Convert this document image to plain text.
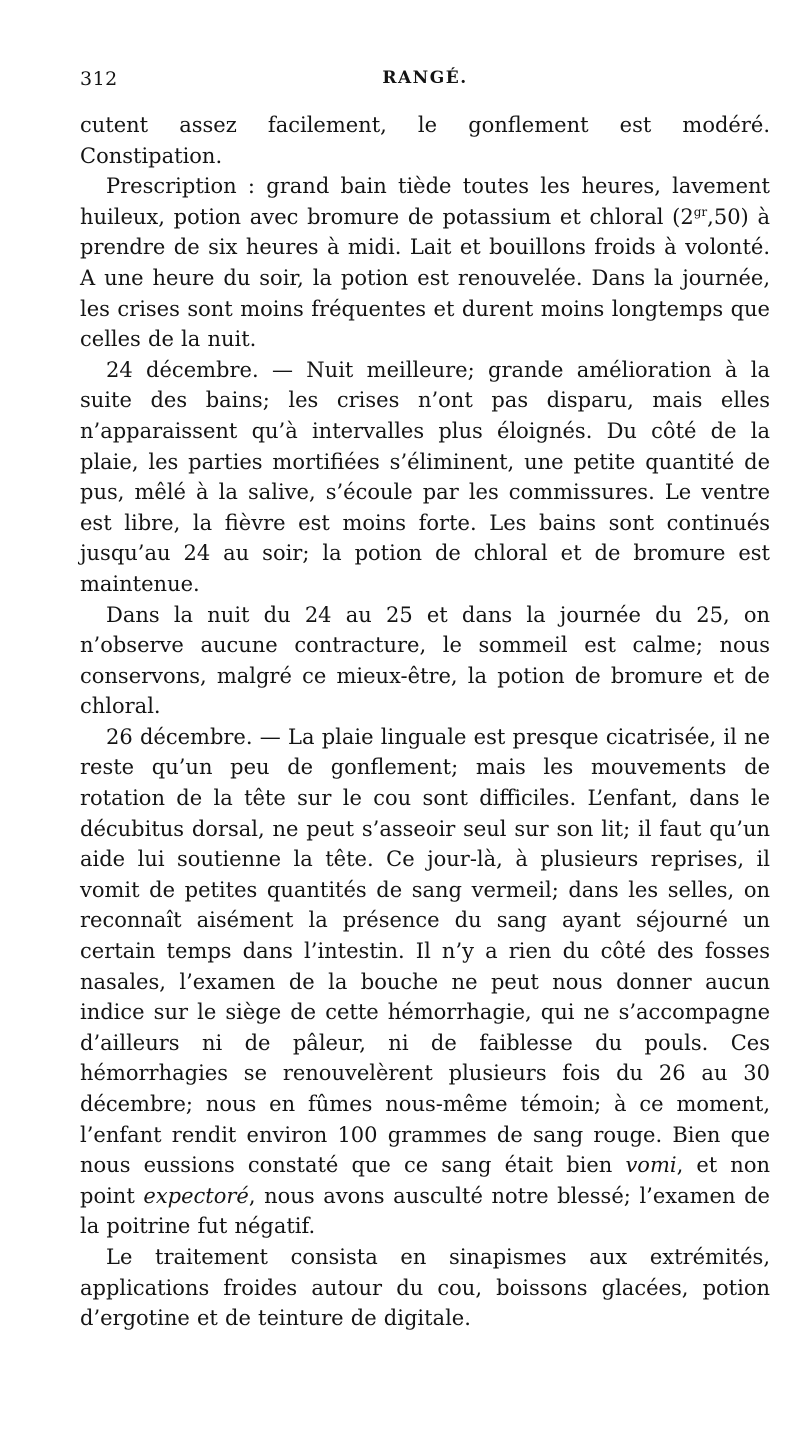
312	RANGÉ.

cutent assez facilement, le gonflement est modéré. Constipation.

Prescription : grand bain tiède toutes les heures, lavement huileux, potion avec bromure de potassium et chloral $(2^{gr},50)$ à prendre de six heures à midi. Lait et bouillons froids à volonté. A une heure du soir, la potion est renouvelée. Dans la journée, les crises sont moins fréquentes et durent moins longtemps que celles de la nuit.

24 décembre. — Nuit meilleure; grande amélioration à la suite des bains; les crises n’ont pas disparu, mais elles n’apparaissent qu’à intervalles plus éloignés. Du côté de la plaie, les parties mortifiées s’éliminent, une petite quantité de pus, mêlé à la salive, s’écoule par les commissures. Le ventre est libre, la fièvre est moins forte. Les bains sont continués jusqu’au 24 au soir; la potion de chloral et de bromure est maintenue.

Dans la nuit du 24 au 25 et dans la journée du 25, on n’observe aucune contracture, le sommeil est calme; nous conservons, malgré ce mieux-être, la potion de bromure et de chloral.

26 décembre. — La plaie linguale est presque cicatrisée, il ne reste qu’un peu de gonflement; mais les mouvements de rotation de la tête sur le cou sont difficiles. L’enfant, dans le décubitus dorsal, ne peut s’asseoir seul sur son lit; il faut qu’un aide lui soutienne la tête. Ce jour-là, à plusieurs reprises, il vomit de petites quantités de sang vermeil; dans les selles, on reconnaît aisément la présence du sang ayant séjourné un certain temps dans l’intestin. Il n’y a rien du côté des fosses nasales, l’examen de la bouche ne peut nous donner aucun indice sur le siège de cette hémorrhagie, qui ne s’accompagne d’ailleurs ni de pâleur, ni de faiblesse du pouls. Ces hémorrhagies se renouvelèrent plusieurs fois du 26 au 30 décembre; nous en fûmes nous-même témoin; à ce moment, l’enfant rendit environ 100 grammes de sang rouge. Bien que nous eussions constaté que ce sang était bien vomi, et non point expectoré, nous avons ausculté notre blessé; l’examen de la poitrine fut négatif.

Le traitement consista en sinapismes aux extrémités, applications froides autour du cou, boissons glacées, potion d’ergotine et de teinture de digitale.
